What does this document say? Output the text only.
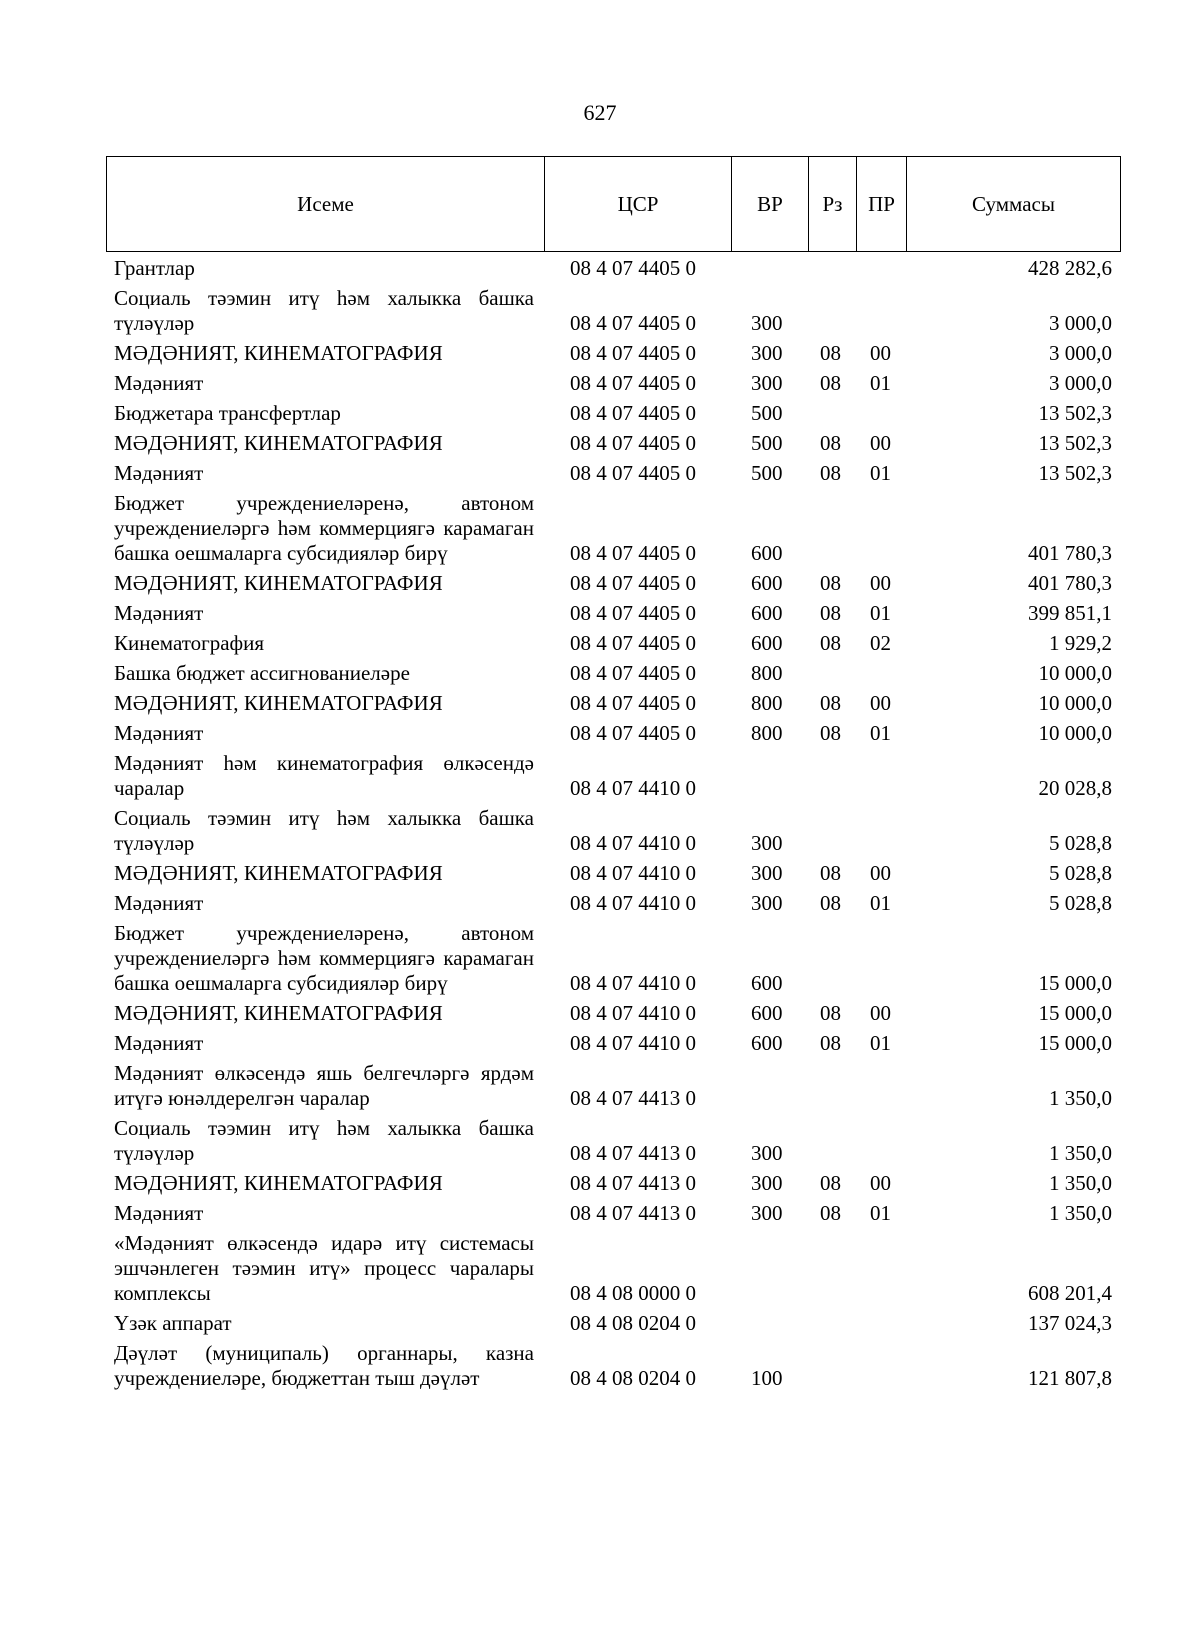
627
Исеме	ЦСР	ВР	Рз	ПР	Суммасы
Грантлар	08 4 07 4405 0				428 282,6
Социаль тәэмин итү һәм халыкка башка түләүләр	08 4 07 4405 0	300			3 000,0
МӘДӘНИЯТ, КИНЕМАТОГРАФИЯ	08 4 07 4405 0	300	08	00	3 000,0
Мәдәният	08 4 07 4405 0	300	08	01	3 000,0
Бюджетара трансфертлар	08 4 07 4405 0	500			13 502,3
МӘДӘНИЯТ, КИНЕМАТОГРАФИЯ	08 4 07 4405 0	500	08	00	13 502,3
Мәдәният	08 4 07 4405 0	500	08	01	13 502,3
Бюджет учреждениеләренә, автоном учреждениеләргә һәм коммерциягә карамаган башка оешмаларга субсидияләр бирү	08 4 07 4405 0	600			401 780,3
МӘДӘНИЯТ, КИНЕМАТОГРАФИЯ	08 4 07 4405 0	600	08	00	401 780,3
Мәдәният	08 4 07 4405 0	600	08	01	399 851,1
Кинематография	08 4 07 4405 0	600	08	02	1 929,2
Башка бюджет ассигнованиеләре	08 4 07 4405 0	800			10 000,0
МӘДӘНИЯТ, КИНЕМАТОГРАФИЯ	08 4 07 4405 0	800	08	00	10 000,0
Мәдәният	08 4 07 4405 0	800	08	01	10 000,0
Мәдәният һәм кинематография өлкәсендә чаралар	08 4 07 4410 0				20 028,8
Социаль тәэмин итү һәм халыкка башка түләүләр	08 4 07 4410 0	300			5 028,8
МӘДӘНИЯТ, КИНЕМАТОГРАФИЯ	08 4 07 4410 0	300	08	00	5 028,8
Мәдәният	08 4 07 4410 0	300	08	01	5 028,8
Бюджет учреждениеләренә, автоном учреждениеләргә һәм коммерциягә карамаган башка оешмаларга субсидияләр бирү	08 4 07 4410 0	600			15 000,0
МӘДӘНИЯТ, КИНЕМАТОГРАФИЯ	08 4 07 4410 0	600	08	00	15 000,0
Мәдәният	08 4 07 4410 0	600	08	01	15 000,0
Мәдәният өлкәсендә яшь белгечләргә ярдәм итүгә юнәлдерелгән чаралар	08 4 07 4413 0				1 350,0
Социаль тәэмин итү һәм халыкка башка түләүләр	08 4 07 4413 0	300			1 350,0
МӘДӘНИЯТ, КИНЕМАТОГРАФИЯ	08 4 07 4413 0	300	08	00	1 350,0
Мәдәният	08 4 07 4413 0	300	08	01	1 350,0
«Мәдәният өлкәсендә идарә итү системасы эшчәнлеген тәэмин итү» процесс чаралары комплексы	08 4 08 0000 0				608 201,4
Үзәк аппарат	08 4 08 0204 0				137 024,3
Дәүләт (муниципаль) органнары, казна учреждениеләре, бюджеттан тыш дәүләт	08 4 08 0204 0	100			121 807,8
